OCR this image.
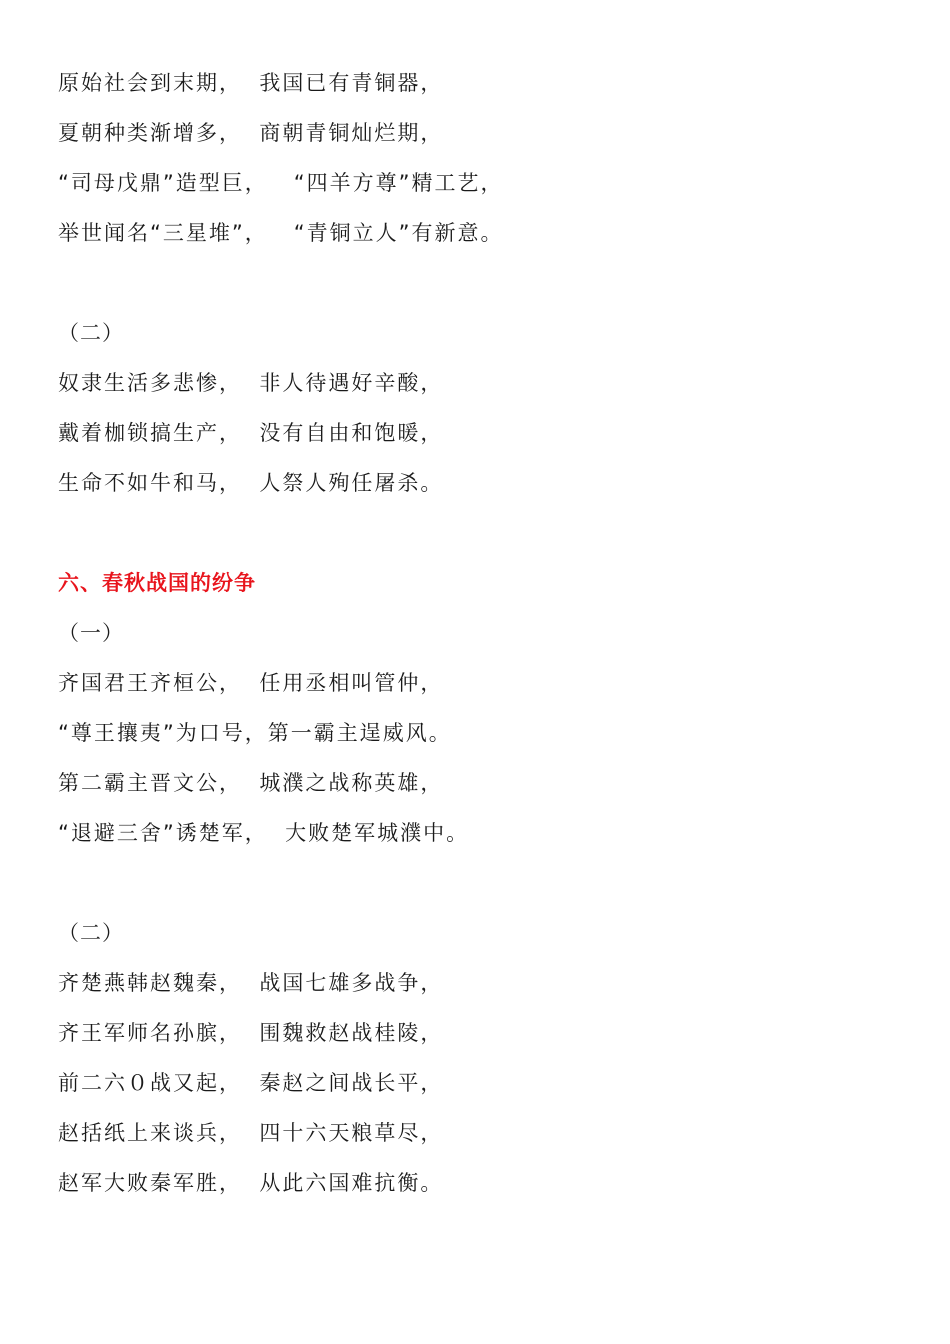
原始社会到末期，  我国已有青铜器，

夏朝种类渐增多，  商朝青铜灿烂期，

“司母戊鼎”造型巨，   “四羊方尊”精工艺，

举世闻名“三星堆”，   “青铜立人”有新意。

（二）

奴隶生活多悲惨，  非人待遇好辛酸，

戴着枷锁搞生产，  没有自由和饱暖，

生命不如牛和马，  人祭人殉任屠杀。

六、春秋战国的纷争

（一）

齐国君王齐桓公，  任用丞相叫管仲，

“尊王攘夷”为口号，第一霸主逞威风。

第二霸主晋文公，  城濮之战称英雄，

“退避三舍”诱楚军，  大败楚军城濮中。

（二）

齐楚燕韩赵魏秦，  战国七雄多战争，

齐王军师名孙膑，  围魏救赵战桂陵，

前二六０战又起，  秦赵之间战长平，

赵括纸上来谈兵，  四十六天粮草尽，

赵军大败秦军胜，  从此六国难抗衡。
